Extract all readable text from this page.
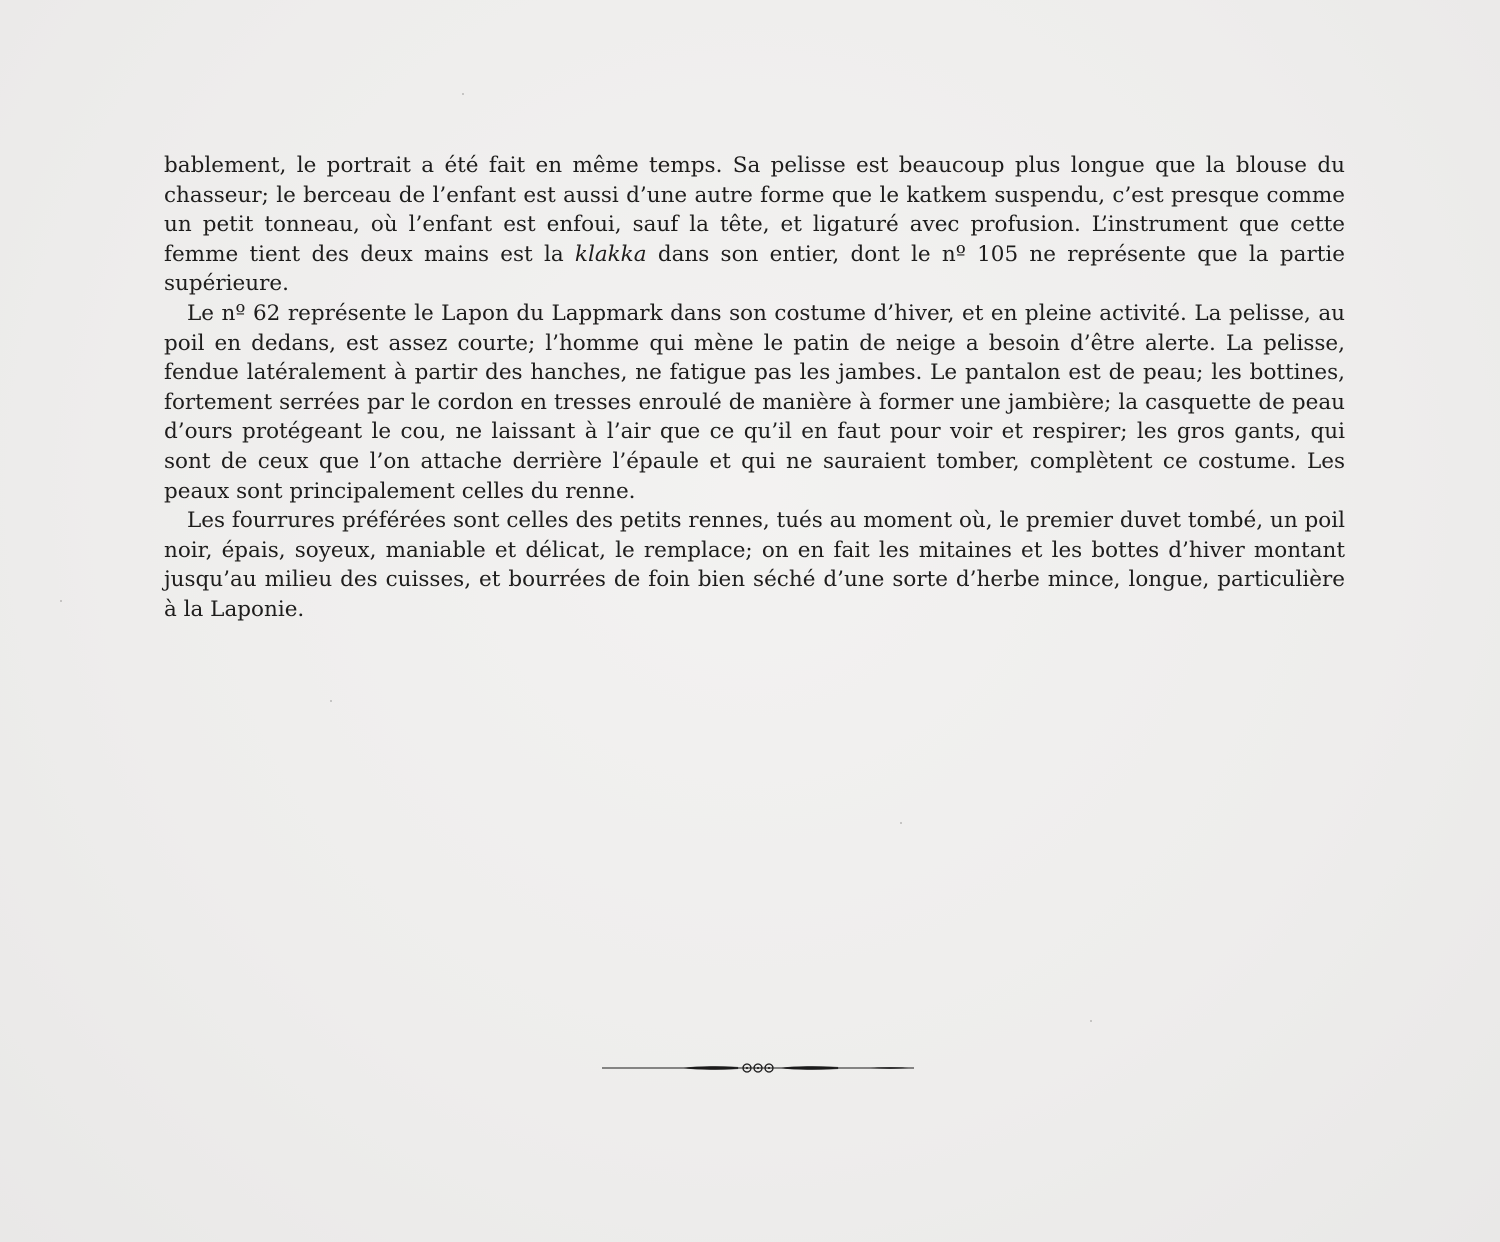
bablement, le portrait a été fait en même temps. Sa pelisse est beaucoup plus longue que la blouse du chasseur; le berceau de l’enfant est aussi d’une autre forme que le katkem suspendu, c’est presque comme un petit tonneau, où l’enfant est enfoui, sauf la tête, et ligaturé avec profusion. L’instrument que cette femme tient des deux mains est la klakka dans son entier, dont le nº 105 ne représente que la partie supérieure.

Le nº 62 représente le Lapon du Lappmark dans son costume d’hiver, et en pleine activité. La pelisse, au poil en dedans, est assez courte; l’homme qui mène le patin de neige a besoin d’être alerte. La pelisse, fendue latéralement à partir des hanches, ne fatigue pas les jambes. Le pantalon est de peau; les bottines, fortement serrées par le cordon en tresses enroulé de manière à former une jambière; la casquette de peau d’ours protégeant le cou, ne laissant à l’air que ce qu’il en faut pour voir et respirer; les gros gants, qui sont de ceux que l’on attache derrière l’épaule et qui ne sauraient tomber, complètent ce costume. Les peaux sont principalement celles du renne.

Les fourrures préférées sont celles des petits rennes, tués au moment où, le premier duvet tombé, un poil noir, épais, soyeux, maniable et délicat, le remplace; on en fait les mitaines et les bottes d’hiver montant jusqu’au milieu des cuisses, et bourrées de foin bien séché d’une sorte d’herbe mince, longue, particulière à la Laponie.
